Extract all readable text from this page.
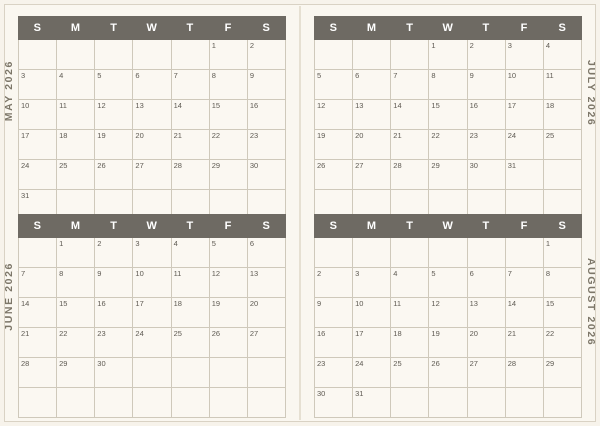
MAY 2026
JUNE 2026
JULY 2026
AUGUST 2026
S	M	T	W	T	F	S

					1	2

3	4	5	6	7	8	9

10	11	12	13	14	15	16

17	18	19	20	21	22	23

24	25	26	27	28	29	30

31						

S	M	T	W	T	F	S

			1	2	3	4

5	6	7	8	9	10	11

12	13	14	15	16	17	18

19	20	21	22	23	24	25

26	27	28	29	30	31	

S	M	T	W	T	F	S

	1	2	3	4	5	6

7	8	9	10	11	12	13

14	15	16	17	18	19	20

21	22	23	24	25	26	27

28	29	30				

S	M	T	W	T	F	S

						1

2	3	4	5	6	7	8

9	10	11	12	13	14	15

16	17	18	19	20	21	22

23	24	25	26	27	28	29

30	31					
